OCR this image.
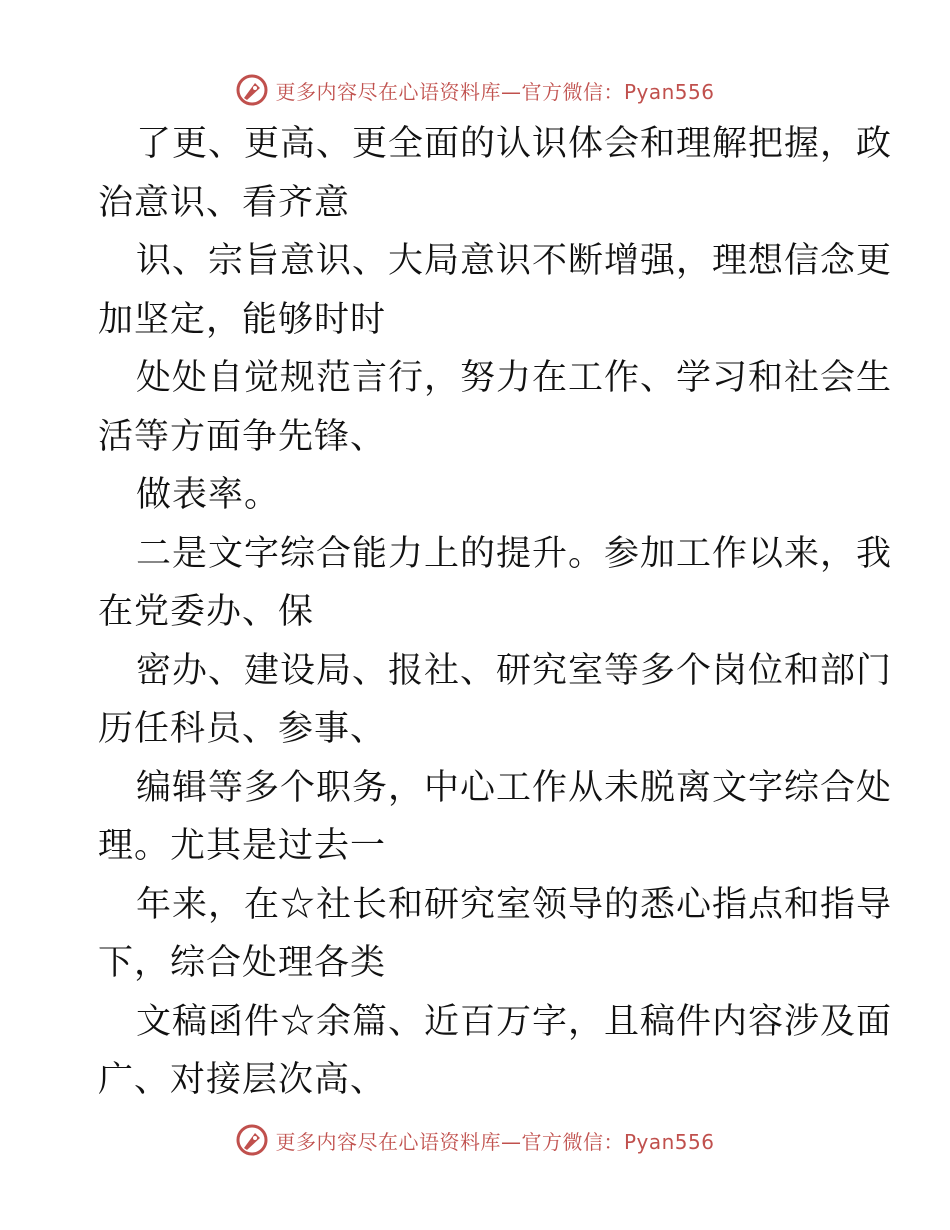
更多内容尽在心语资料库—官方微信：Pyan556
了更、更高、更全面的认识体会和理解把握，政
治意识、看齐意
识、宗旨意识、大局意识不断增强，理想信念更
加坚定，能够时时
处处自觉规范言行，努力在工作、学习和社会生
活等方面争先锋、
做表率。
二是文字综合能力上的提升。参加工作以来，我
在党委办、保
密办、建设局、报社、研究室等多个岗位和部门
历任科员、参事、
编辑等多个职务，中心工作从未脱离文字综合处
理。尤其是过去一
年来，在☆社长和研究室领导的悉心指点和指导
下，综合处理各类
文稿函件☆余篇、近百万字，且稿件内容涉及面
广、对接层次高、
更多内容尽在心语资料库—官方微信：Pyan556
